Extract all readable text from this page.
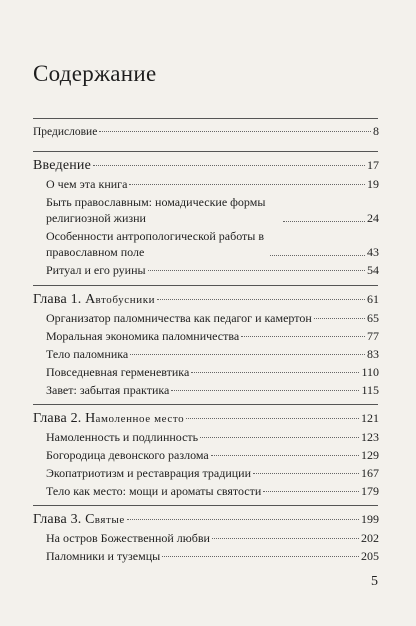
Содержание
Предисловие	8
Введение	17
О чем эта книга	19
Быть православным: номадические формы религиозной жизни	24
Особенности антропологической работы в православном поле	43
Ритуал и его руины	54
Глава 1. Автобусники	61
Организатор паломничества как педагог и камертон	65
Моральная экономика паломничества	77
Тело паломника	83
Повседневная герменевтика	110
Завет: забытая практика	115
Глава 2. Намоленное место	121
Намоленность и подлинность	123
Богородица девонского разлома	129
Экопатриотизм и реставрация традиции	167
Тело как место: мощи и ароматы святости	179
Глава 3. Святые	199
На остров Божественной любви	202
Паломники и туземцы	205
5
